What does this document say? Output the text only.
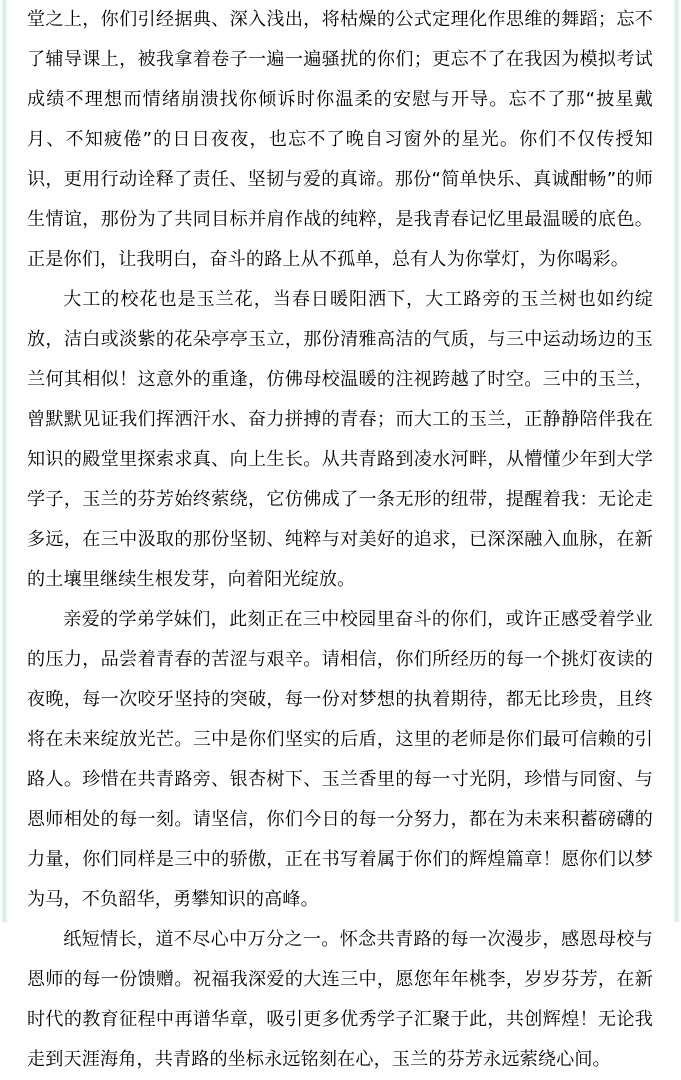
堂之上，你们引经据典、深入浅出，将枯燥的公式定理化作思维的舞蹈；忘不了辅导课上，被我拿着卷子一遍一遍骚扰的你们；更忘不了在我因为模拟考试成绩不理想而情绪崩溃找你倾诉时你温柔的安慰与开导。忘不了那“披星戴月、不知疲倦”的日日夜夜，也忘不了晚自习窗外的星光。你们不仅传授知识，更用行动诠释了责任、坚韧与爱的真谛。那份“简单快乐、真诚酣畅”的师生情谊，那份为了共同目标并肩作战的纯粹，是我青春记忆里最温暖的底色。正是你们，让我明白，奋斗的路上从不孤单，总有人为你掌灯，为你喝彩。

大工的校花也是玉兰花，当春日暖阳洒下，大工路旁的玉兰树也如约绽放，洁白或淡紫的花朵亭亭玉立，那份清雅高洁的气质，与三中运动场边的玉兰何其相似！这意外的重逢，仿佛母校温暖的注视跨越了时空。三中的玉兰，曾默默见证我们挥洒汗水、奋力拼搏的青春；而大工的玉兰，正静静陪伴我在知识的殿堂里探索求真、向上生长。从共青路到凌水河畔，从懵懂少年到大学学子，玉兰的芬芳始终萦绕，它仿佛成了一条无形的纽带，提醒着我：无论走多远，在三中汲取的那份坚韧、纯粹与对美好的追求，已深深融入血脉，在新的土壤里继续生根发芽，向着阳光绽放。

亲爱的学弟学妹们，此刻正在三中校园里奋斗的你们，或许正感受着学业的压力，品尝着青春的苦涩与艰辛。请相信，你们所经历的每一个挑灯夜读的夜晚，每一次咬牙坚持的突破，每一份对梦想的执着期待，都无比珍贵，且终将在未来绽放光芒。三中是你们坚实的后盾，这里的老师是你们最可信赖的引路人。珍惜在共青路旁、银杏树下、玉兰香里的每一寸光阴，珍惜与同窗、与恩师相处的每一刻。请坚信，你们今日的每一分努力，都在为未来积蓄磅礴的力量，你们同样是三中的骄傲，正在书写着属于你们的辉煌篇章！愿你们以梦为马，不负韶华，勇攀知识的高峰。

纸短情长，道不尽心中万分之一。怀念共青路的每一次漫步，感恩母校与恩师的每一份馈赠。祝福我深爱的大连三中，愿您年年桃李，岁岁芬芳，在新时代的教育征程中再谱华章，吸引更多优秀学子汇聚于此，共创辉煌！无论我走到天涯海角，共青路的坐标永远铭刻在心，玉兰的芬芳永远萦绕心间。
